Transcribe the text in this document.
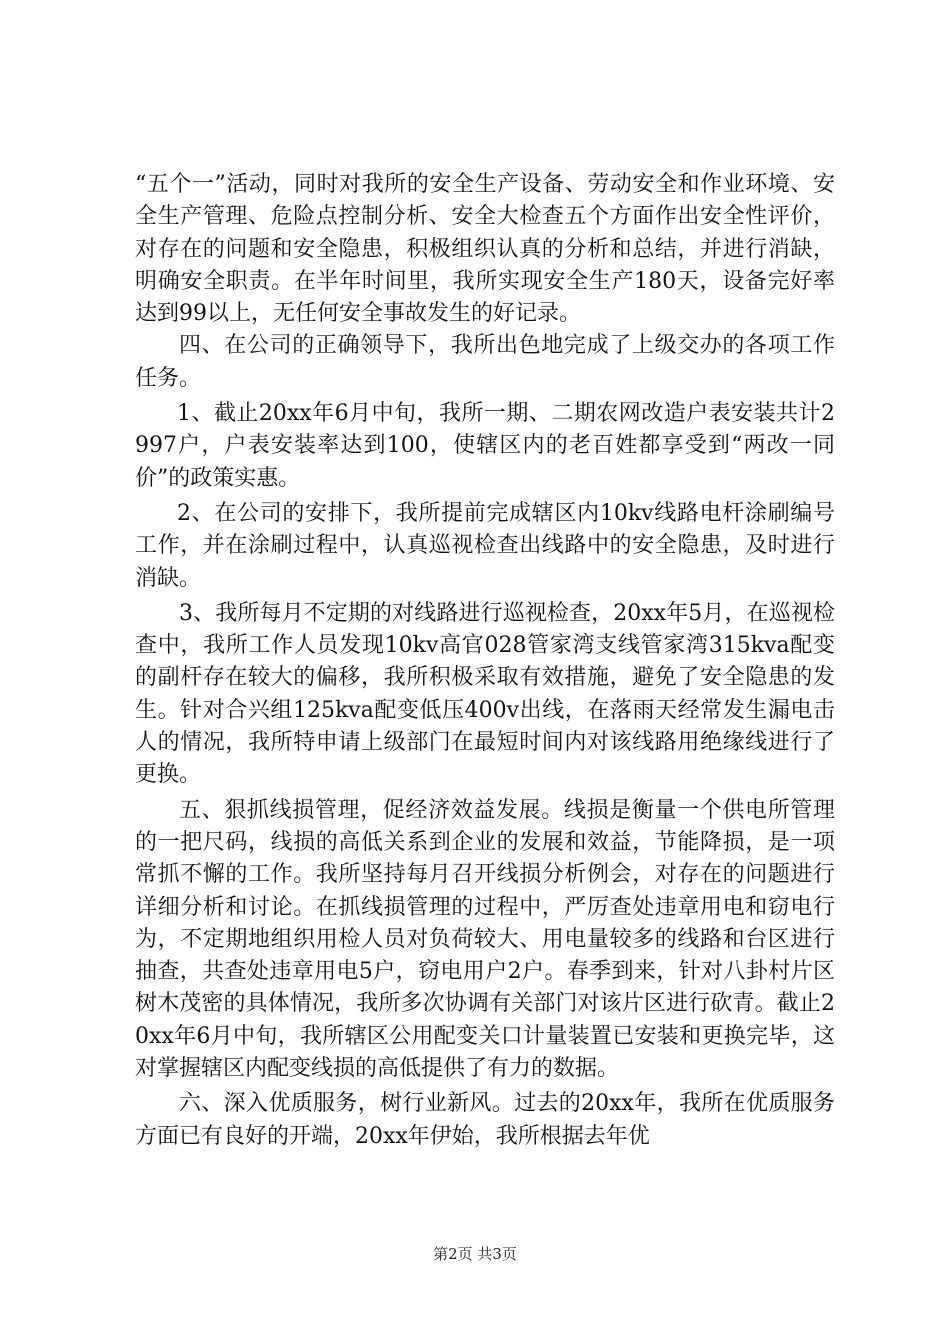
“五个一”活动，同时对我所的安全生产设备、劳动安全和作业环境、安全生产管理、危险点控制分析、安全大检查五个方面作出安全性评价，对存在的问题和安全隐患，积极组织认真的分析和总结，并进行消缺，明确安全职责。在半年时间里，我所实现安全生产180天，设备完好率达到99以上，无任何安全事故发生的好记录。

四、在公司的正确领导下，我所出色地完成了上级交办的各项工作任务。

1、截止20xx年6月中旬，我所一期、二期农网改造户表安装共计2997户，户表安装率达到100，使辖区内的老百姓都享受到“两改一同价”的政策实惠。

2、在公司的安排下，我所提前完成辖区内10kv线路电杆涂刷编号工作，并在涂刷过程中，认真巡视检查出线路中的安全隐患，及时进行消缺。

3、我所每月不定期的对线路进行巡视检查，20xx年5月，在巡视检查中，我所工作人员发现10kv高官028管家湾支线管家湾315kva配变的副杆存在较大的偏移，我所积极采取有效措施，避免了安全隐患的发生。针对合兴组125kva配变低压400v出线，在落雨天经常发生漏电击人的情况，我所特申请上级部门在最短时间内对该线路用绝缘线进行了更换。

五、狠抓线损管理，促经济效益发展。线损是衡量一个供电所管理的一把尺码，线损的高低关系到企业的发展和效益，节能降损，是一项常抓不懈的工作。我所坚持每月召开线损分析例会，对存在的问题进行详细分析和讨论。在抓线损管理的过程中，严厉查处违章用电和窃电行为，不定期地组织用检人员对负荷较大、用电量较多的线路和台区进行抽查，共查处违章用电5户，窃电用户2户。春季到来，针对八卦村片区树木茂密的具体情况，我所多次协调有关部门对该片区进行砍青。截止20xx年6月中旬，我所辖区公用配变关口计量装置已安装和更换完毕，这对掌握辖区内配变线损的高低提供了有力的数据。

六、深入优质服务，树行业新风。过去的20xx年，我所在优质服务方面已有良好的开端，20xx年伊始，我所根据去年优

第2页 共3页
